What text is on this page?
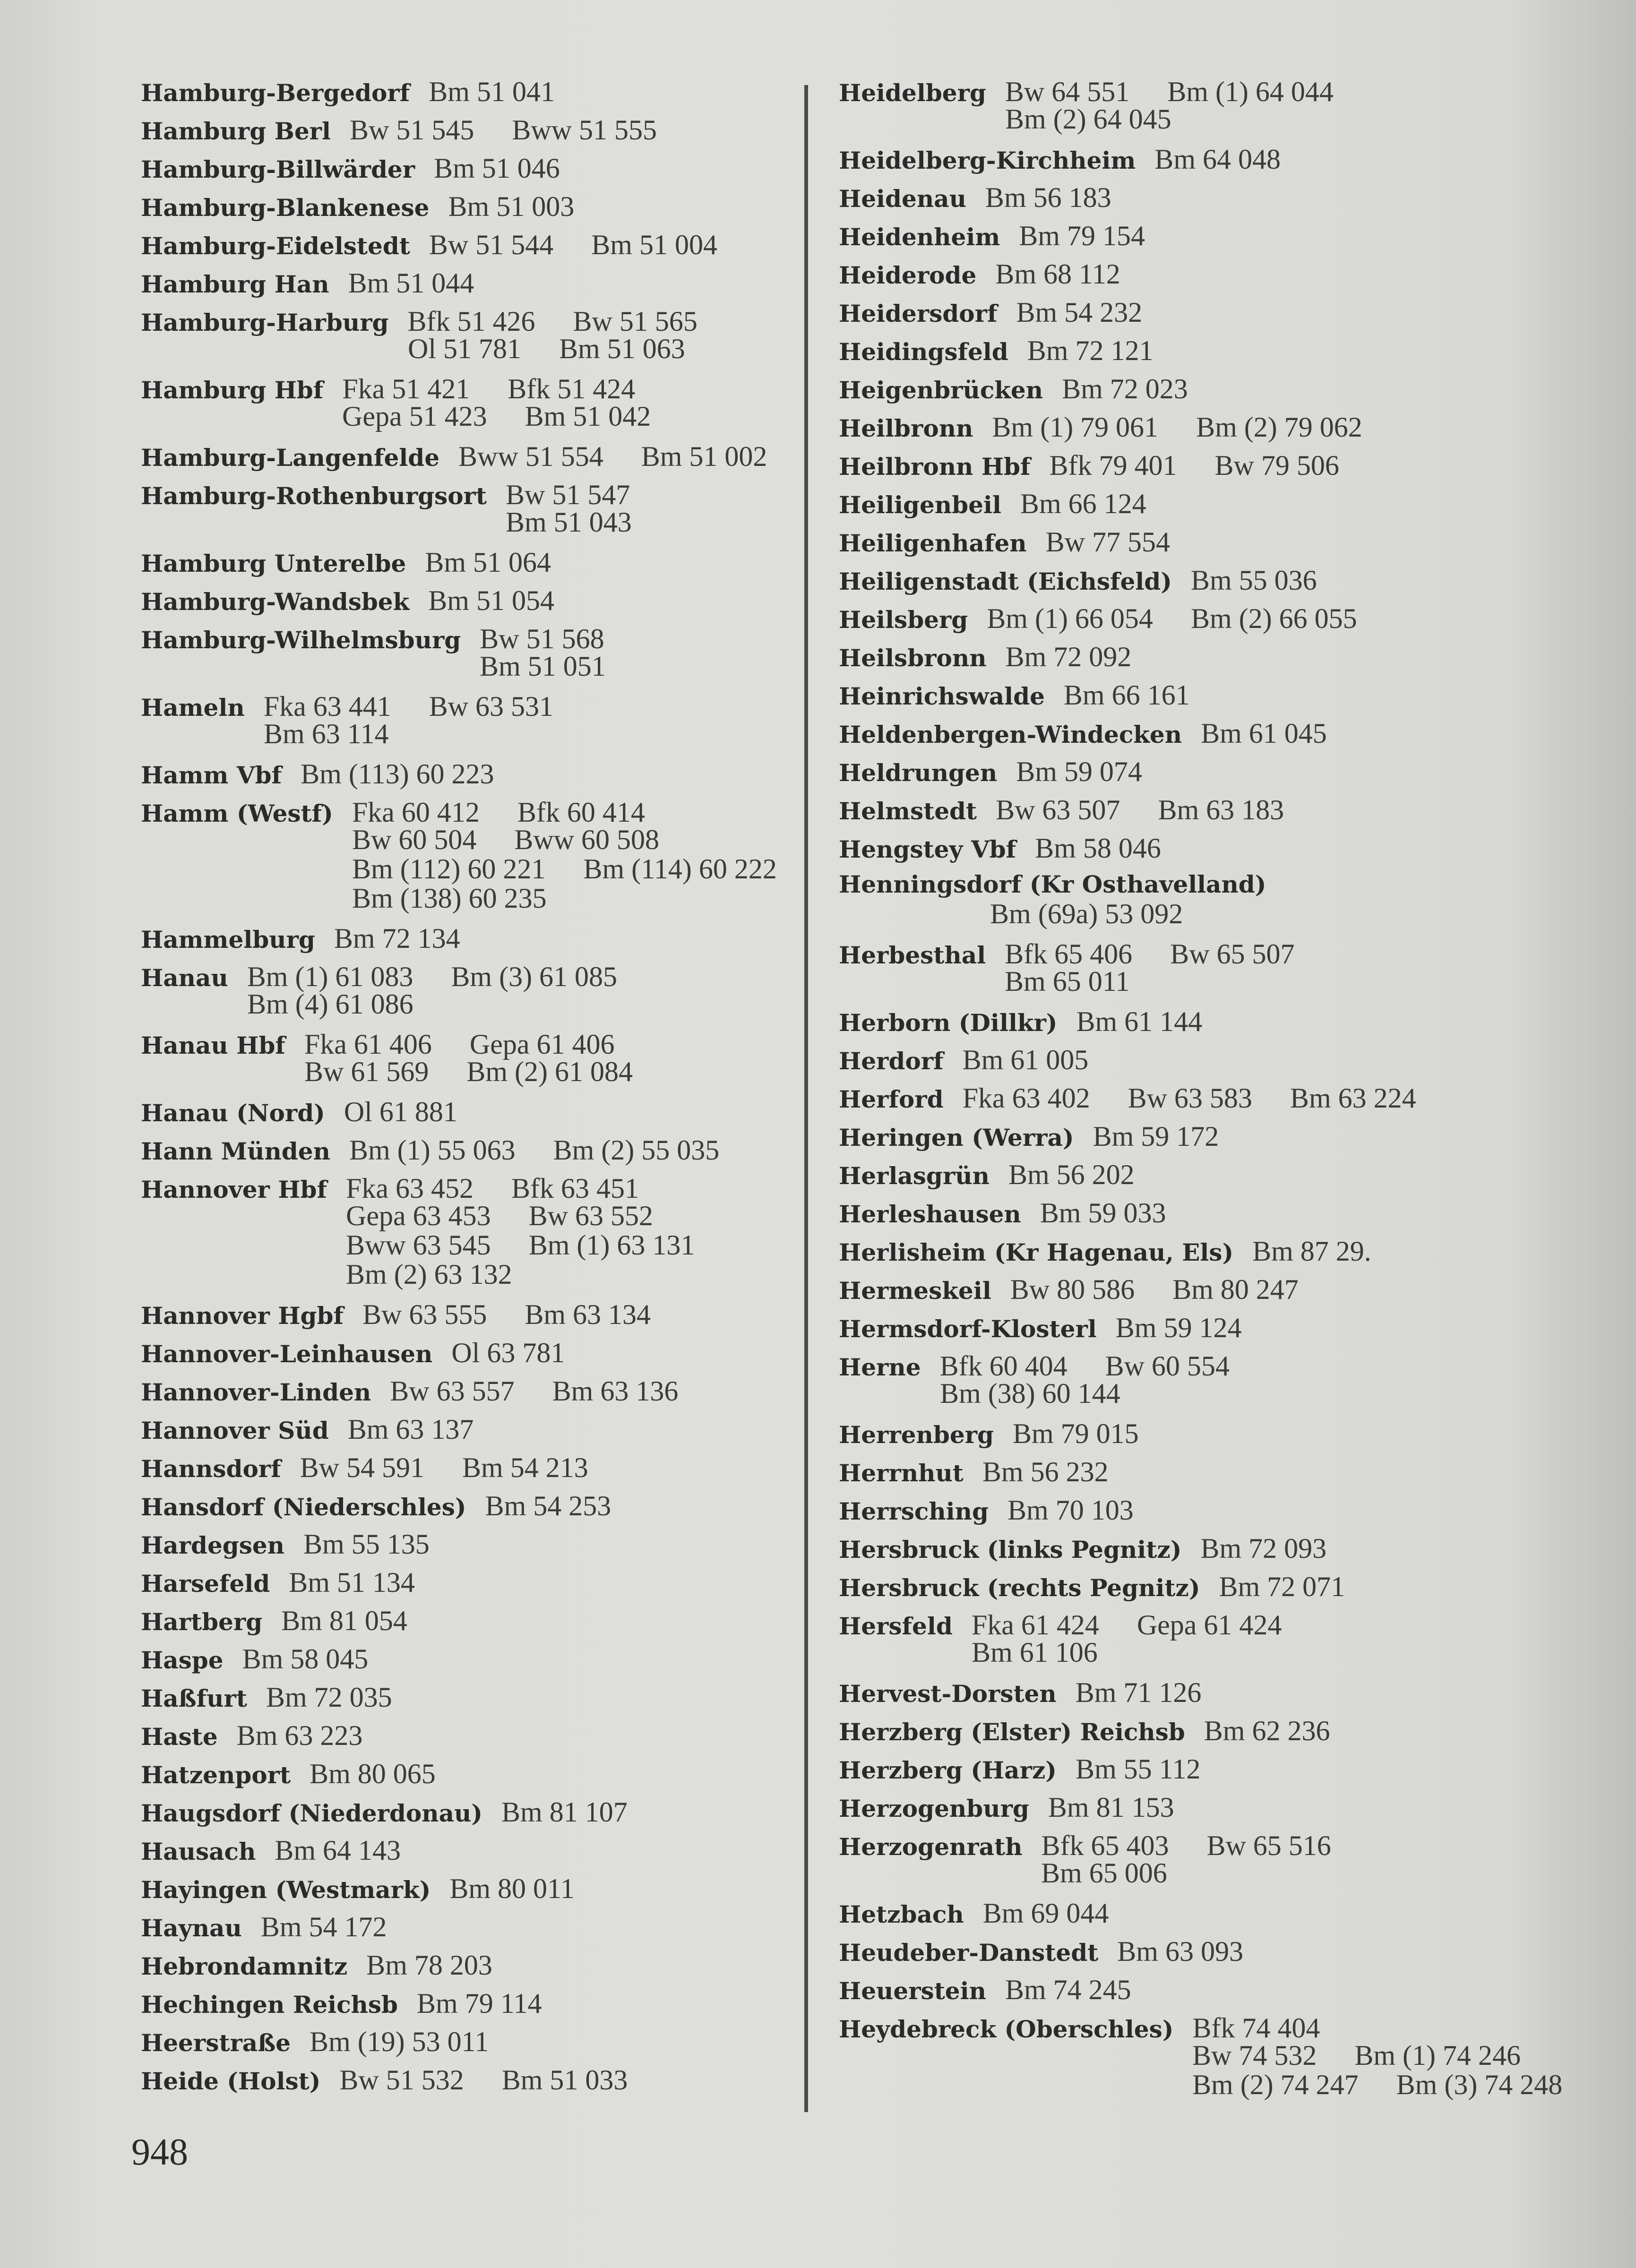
Hamburg-Bergedorf Bm 51 041
Hamburg Berl Bw 51 545 Bww 51 555
Hamburg-Billwärder Bm 51 046
Hamburg-Blankenese Bm 51 003
Hamburg-Eidelstedt Bw 51 544 Bm 51 004
Hamburg Han Bm 51 044
Hamburg-Harburg Bfk 51 426 Bw 51 565
Ol 51 781 Bm 51 063
Hamburg Hbf Fka 51 421 Bfk 51 424
Gepa 51 423 Bm 51 042
Hamburg-Langenfelde Bww 51 554 Bm 51 002
Hamburg-Rothenburgsort Bw 51 547
Bm 51 043
Hamburg Unterelbe Bm 51 064
Hamburg-Wandsbek Bm 51 054
Hamburg-Wilhelmsburg Bw 51 568
Bm 51 051
Hameln Fka 63 441 Bw 63 531
Bm 63 114
Hamm Vbf Bm (113) 60 223
Hamm (Westf) Fka 60 412 Bfk 60 414
Bw 60 504 Bww 60 508
Bm (112) 60 221 Bm (114) 60 222
Bm (138) 60 235
Hammelburg Bm 72 134
Hanau Bm (1) 61 083 Bm (3) 61 085
Bm (4) 61 086
Hanau Hbf Fka 61 406 Gepa 61 406
Bw 61 569 Bm (2) 61 084
Hanau (Nord) Ol 61 881
Hann Münden Bm (1) 55 063 Bm (2) 55 035
Hannover Hbf Fka 63 452 Bfk 63 451
Gepa 63 453 Bw 63 552
Bww 63 545 Bm (1) 63 131
Bm (2) 63 132
Hannover Hgbf Bw 63 555 Bm 63 134
Hannover-Leinhausen Ol 63 781
Hannover-Linden Bw 63 557 Bm 63 136
Hannover Süd Bm 63 137
Hannsdorf Bw 54 591 Bm 54 213
Hansdorf (Niederschles) Bm 54 253
Hardegsen Bm 55 135
Harsefeld Bm 51 134
Hartberg Bm 81 054
Haspe Bm 58 045
Haßfurt Bm 72 035
Haste Bm 63 223
Hatzenport Bm 80 065
Haugsdorf (Niederdonau) Bm 81 107
Hausach Bm 64 143
Hayingen (Westmark) Bm 80 011
Haynau Bm 54 172
Hebrondamnitz Bm 78 203
Hechingen Reichsb Bm 79 114
Heerstraße Bm (19) 53 011
Heide (Holst) Bw 51 532 Bm 51 033
Heidelberg Bw 64 551 Bm (1) 64 044
Bm (2) 64 045
Heidelberg-Kirchheim Bm 64 048
Heidenau Bm 56 183
Heidenheim Bm 79 154
Heiderode Bm 68 112
Heidersdorf Bm 54 232
Heidingsfeld Bm 72 121
Heigenbrücken Bm 72 023
Heilbronn Bm (1) 79 061 Bm (2) 79 062
Heilbronn Hbf Bfk 79 401 Bw 79 506
Heiligenbeil Bm 66 124
Heiligenhafen Bw 77 554
Heiligenstadt (Eichsfeld) Bm 55 036
Heilsberg Bm (1) 66 054 Bm (2) 66 055
Heilsbronn Bm 72 092
Heinrichswalde Bm 66 161
Heldenbergen-Windecken Bm 61 045
Heldrungen Bm 59 074
Helmstedt Bw 63 507 Bm 63 183
Hengstey Vbf Bm 58 046
Henningsdorf (Kr Osthavelland)
Bm (69a) 53 092
Herbesthal Bfk 65 406 Bw 65 507
Bm 65 011
Herborn (Dillkr) Bm 61 144
Herdorf Bm 61 005
Herford Fka 63 402 Bw 63 583 Bm 63 224
Heringen (Werra) Bm 59 172
Herlasgrün Bm 56 202
Herleshausen Bm 59 033
Herlisheim (Kr Hagenau, Els) Bm 87 29.
Hermeskeil Bw 80 586 Bm 80 247
Hermsdorf-Klosterl Bm 59 124
Herne Bfk 60 404 Bw 60 554
Bm (38) 60 144
Herrenberg Bm 79 015
Herrnhut Bm 56 232
Herrsching Bm 70 103
Hersbruck (links Pegnitz) Bm 72 093
Hersbruck (rechts Pegnitz) Bm 72 071
Hersfeld Fka 61 424 Gepa 61 424
Bm 61 106
Hervest-Dorsten Bm 71 126
Herzberg (Elster) Reichsb Bm 62 236
Herzberg (Harz) Bm 55 112
Herzogenburg Bm 81 153
Herzogenrath Bfk 65 403 Bw 65 516
Bm 65 006
Hetzbach Bm 69 044
Heudeber-Danstedt Bm 63 093
Heuerstein Bm 74 245
Heydebreck (Oberschles) Bfk 74 404
Bw 74 532 Bm (1) 74 246
Bm (2) 74 247 Bm (3) 74 248
948
